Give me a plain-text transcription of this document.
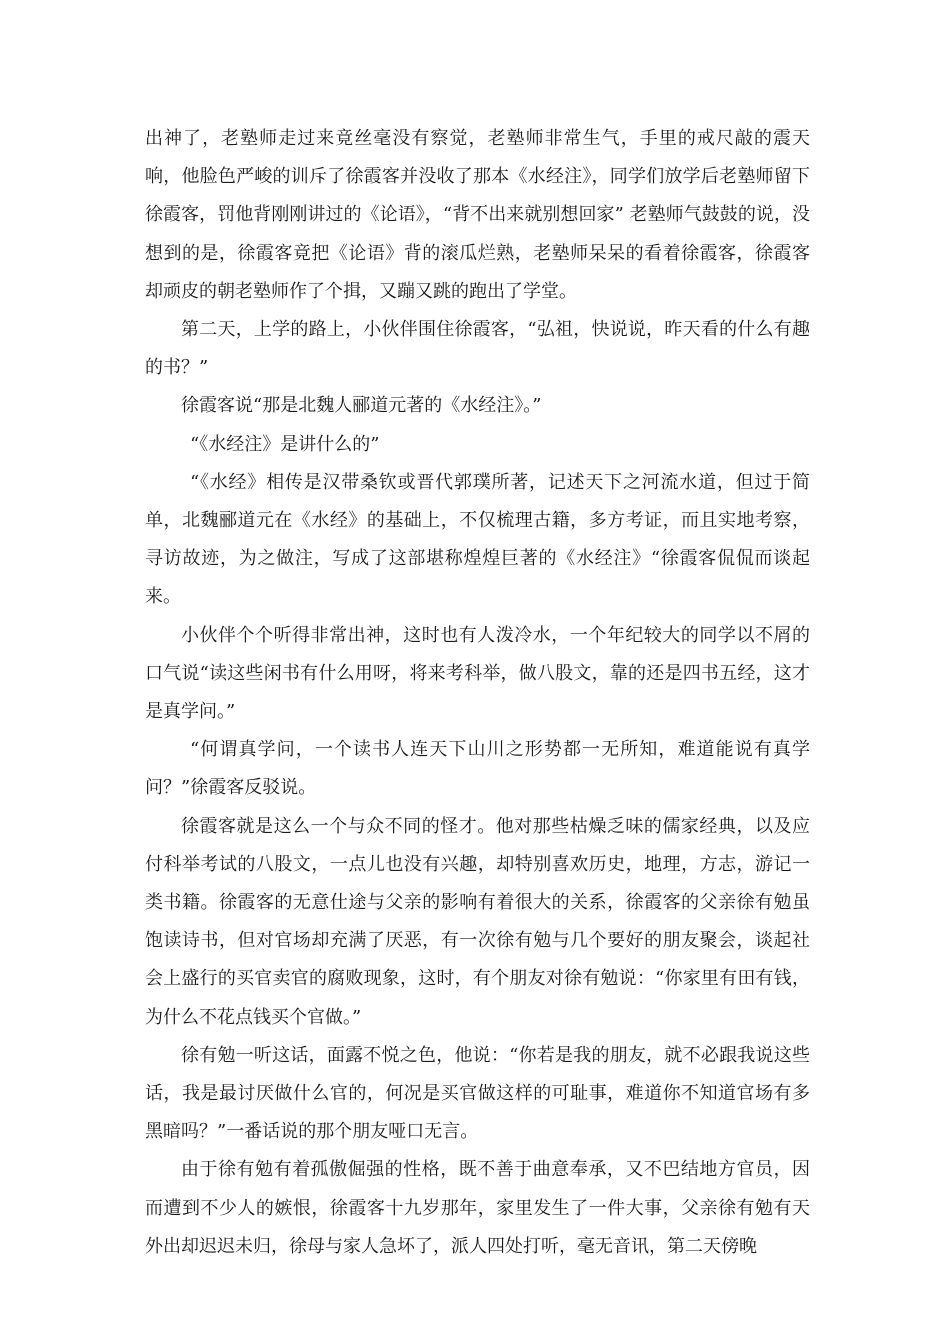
出神了，老塾师走过来竟丝毫没有察觉，老塾师非常生气，手里的戒尺敲的震天响，他脸色严峻的训斥了徐霞客并没收了那本《水经注》，同学们放学后老塾师留下徐霞客，罚他背刚刚讲过的《论语》，“背不出来就别想回家” 老塾师气鼓鼓的说，没想到的是，徐霞客竟把《论语》背的滚瓜烂熟，老塾师呆呆的看着徐霞客，徐霞客却顽皮的朝老塾师作了个揖，又蹦又跳的跑出了学堂。

第二天，上学的路上，小伙伴围住徐霞客，“弘祖，快说说，昨天看的什么有趣的书？”

徐霞客说“那是北魏人郦道元著的《水经注》。”

“《水经注》是讲什么的”

“《水经》相传是汉带桑钦或晋代郭璞所著，记述天下之河流水道，但过于简单，北魏郦道元在《水经》的基础上，不仅梳理古籍，多方考证，而且实地考察，寻访故迹，为之做注，写成了这部堪称煌煌巨著的《水经注》“徐霞客侃侃而谈起来。

小伙伴个个听得非常出神，这时也有人泼冷水，一个年纪较大的同学以不屑的口气说“读这些闲书有什么用呀，将来考科举，做八股文，靠的还是四书五经，这才是真学问。”

“何谓真学问，一个读书人连天下山川之形势都一无所知，难道能说有真学问？”徐霞客反驳说。

徐霞客就是这么一个与众不同的怪才。他对那些枯燥乏味的儒家经典，以及应付科举考试的八股文，一点儿也没有兴趣，却特别喜欢历史，地理，方志，游记一类书籍。徐霞客的无意仕途与父亲的影响有着很大的关系，徐霞客的父亲徐有勉虽饱读诗书，但对官场却充满了厌恶，有一次徐有勉与几个要好的朋友聚会，谈起社会上盛行的买官卖官的腐败现象，这时，有个朋友对徐有勉说：“你家里有田有钱，为什么不花点钱买个官做。”

徐有勉一听这话，面露不悦之色，他说：“你若是我的朋友，就不必跟我说这些话，我是最讨厌做什么官的，何况是买官做这样的可耻事，难道你不知道官场有多黑暗吗？”一番话说的那个朋友哑口无言。

由于徐有勉有着孤傲倔强的性格，既不善于曲意奉承，又不巴结地方官员，因而遭到不少人的嫉恨，徐霞客十九岁那年，家里发生了一件大事，父亲徐有勉有天外出却迟迟未归，徐母与家人急坏了，派人四处打听，毫无音讯，第二天傍晚
